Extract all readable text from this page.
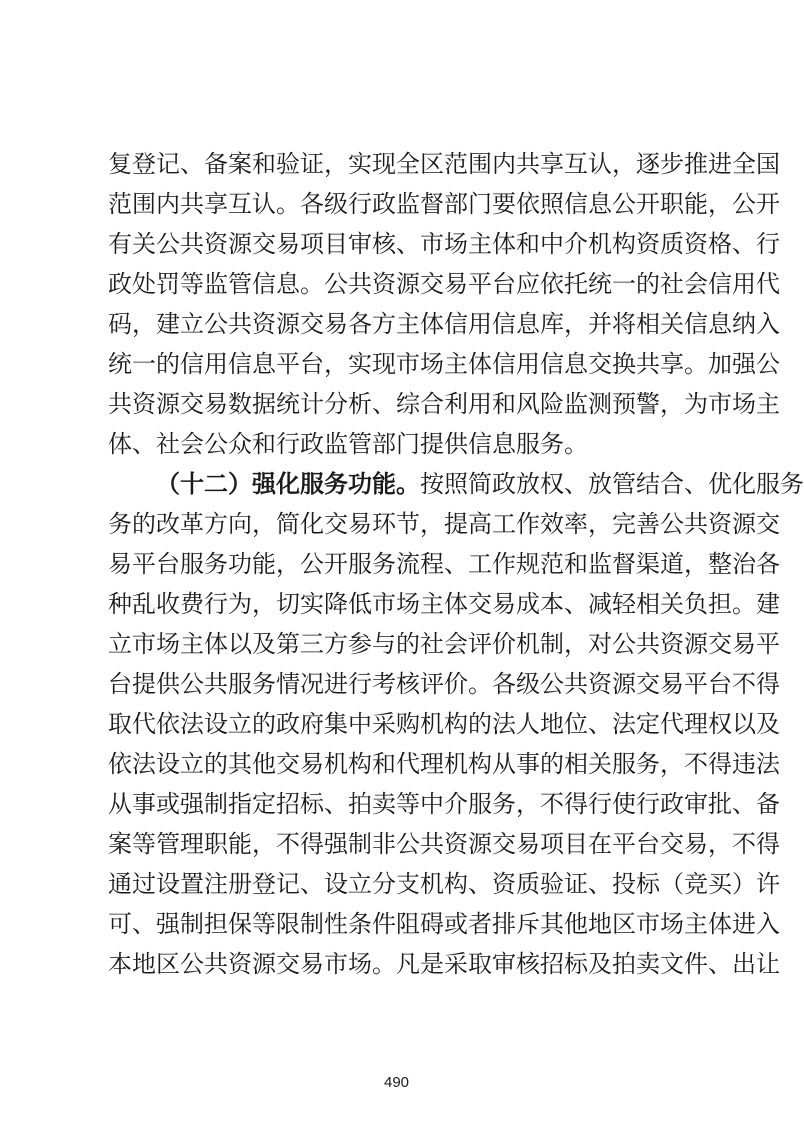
复登记、备案和验证，实现全区范围内共享互认，逐步推进全国
范围内共享互认。各级行政监督部门要依照信息公开职能，公开
有关公共资源交易项目审核、市场主体和中介机构资质资格、行
政处罚等监管信息。公共资源交易平台应依托统一的社会信用代
码，建立公共资源交易各方主体信用信息库，并将相关信息纳入
统一的信用信息平台，实现市场主体信用信息交换共享。加强公
共资源交易数据统计分析、综合利用和风险监测预警，为市场主
体、社会公众和行政监管部门提供信息服务。
（十二）强化服务功能。按照简政放权、放管结合、优化服务
务的改革方向，简化交易环节，提高工作效率，完善公共资源交
易平台服务功能，公开服务流程、工作规范和监督渠道，整治各
种乱收费行为，切实降低市场主体交易成本、减轻相关负担。建
立市场主体以及第三方参与的社会评价机制，对公共资源交易平
台提供公共服务情况进行考核评价。各级公共资源交易平台不得
取代依法设立的政府集中采购机构的法人地位、法定代理权以及
依法设立的其他交易机构和代理机构从事的相关服务，不得违法
从事或强制指定招标、拍卖等中介服务，不得行使行政审批、备
案等管理职能，不得强制非公共资源交易项目在平台交易，不得
通过设置注册登记、设立分支机构、资质验证、投标（竞买）许
可、强制担保等限制性条件阻碍或者排斥其他地区市场主体进入
本地区公共资源交易市场。凡是采取审核招标及拍卖文件、出让
490
